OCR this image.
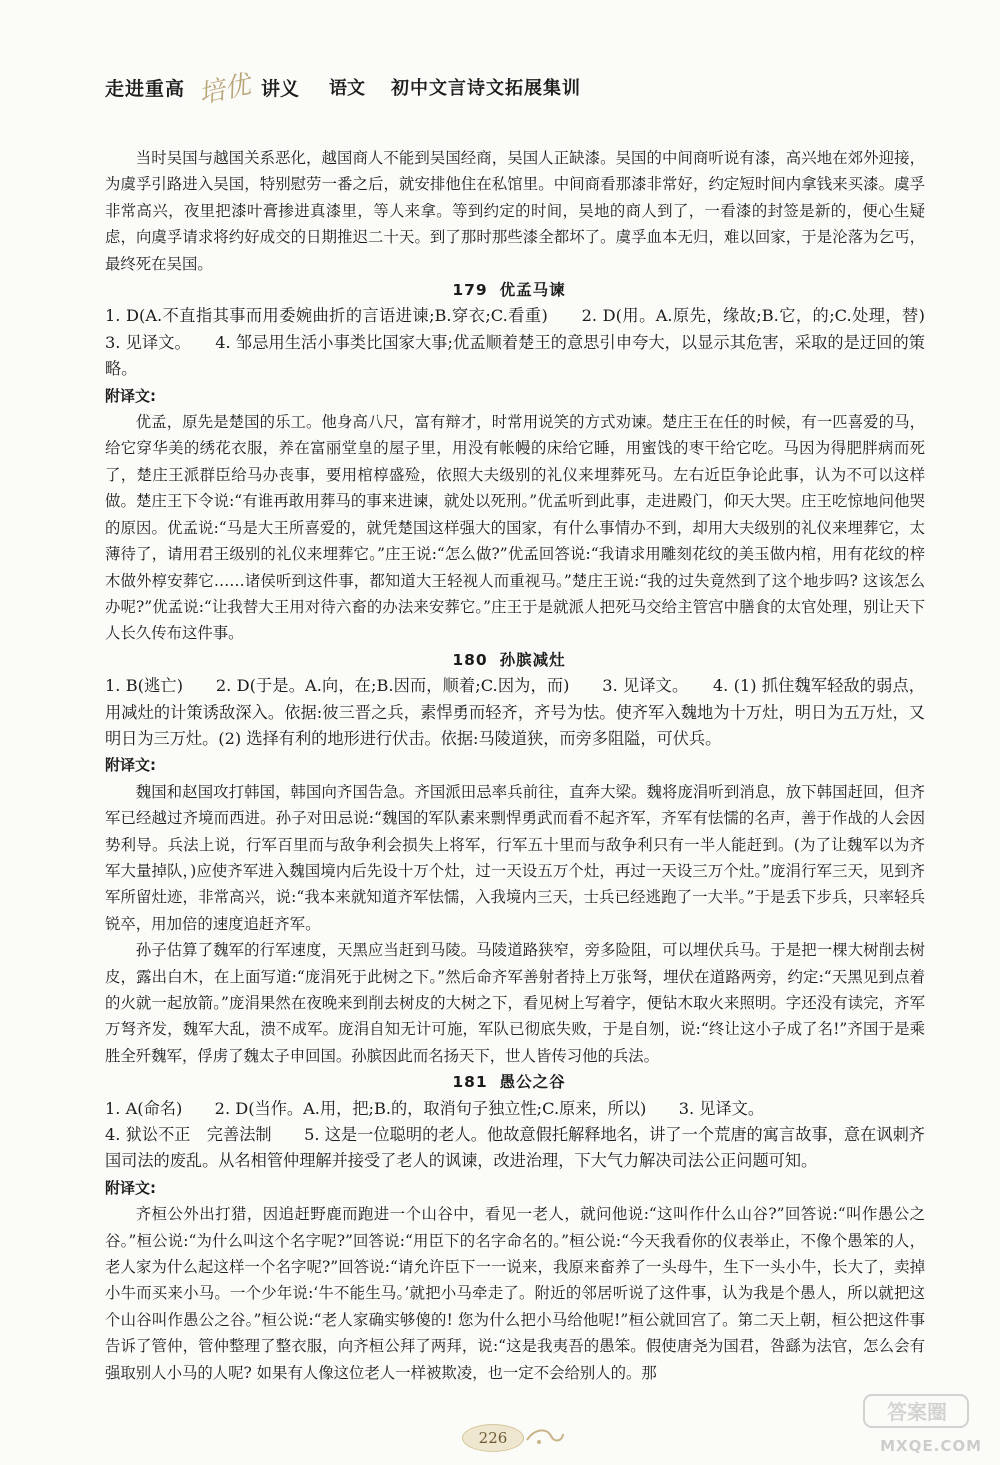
走进重高 培优 讲义 语文 初中文言诗文拓展集训

当时吴国与越国关系恶化，越国商人不能到吴国经商，吴国人正缺漆。吴国的中间商听说有漆，高兴地在郊外迎接，为虞孚引路进入吴国，特别慰劳一番之后，就安排他住在私馆里。中间商看那漆非常好，约定短时间内拿钱来买漆。虞孚非常高兴，夜里把漆叶膏掺进真漆里，等人来拿。等到约定的时间，吴地的商人到了，一看漆的封签是新的，便心生疑虑，向虞孚请求将约好成交的日期推迟二十天。到了那时那些漆全都坏了。虞孚血本无归，难以回家，于是沦落为乞丐，最终死在吴国。

179 优孟马谏

1. D(A.不直指其事而用委婉曲折的言语进谏;B.穿衣;C.看重)　　2. D(用。A.原先，缘故;B.它，的;C.处理，替)　　3. 见译文。　　4. 邹忌用生活小事类比国家大事;优孟顺着楚王的意思引申夸大，以显示其危害，采取的是迂回的策略。

附译文:

优孟，原先是楚国的乐工。他身高八尺，富有辩才，时常用说笑的方式劝谏。楚庄王在任的时候，有一匹喜爱的马，给它穿华美的绣花衣服，养在富丽堂皇的屋子里，用没有帐幔的床给它睡，用蜜饯的枣干给它吃。马因为得肥胖病而死了，楚庄王派群臣给马办丧事，要用棺椁盛殓，依照大夫级别的礼仪来埋葬死马。左右近臣争论此事，认为不可以这样做。楚庄王下令说:“有谁再敢用葬马的事来进谏，就处以死刑。”优孟听到此事，走进殿门，仰天大哭。庄王吃惊地问他哭的原因。优孟说:“马是大王所喜爱的，就凭楚国这样强大的国家，有什么事情办不到，却用大夫级别的礼仪来埋葬它，太薄待了，请用君王级别的礼仪来埋葬它。”庄王说:“怎么做?”优孟回答说:“我请求用雕刻花纹的美玉做内棺，用有花纹的梓木做外椁安葬它……诸侯听到这件事，都知道大王轻视人而重视马。”楚庄王说:“我的过失竟然到了这个地步吗? 这该怎么办呢?”优孟说:“让我替大王用对待六畜的办法来安葬它。”庄王于是就派人把死马交给主管宫中膳食的太官处理，别让天下人长久传布这件事。

180 孙膑减灶

1. B(逃亡)　　2. D(于是。A.向，在;B.因而，顺着;C.因为，而)　　3. 见译文。　　4. (1) 抓住魏军轻敌的弱点，用减灶的计策诱敌深入。依据:彼三晋之兵，素悍勇而轻齐，齐号为怯。使齐军入魏地为十万灶，明日为五万灶，又明日为三万灶。(2) 选择有利的地形进行伏击。依据:马陵道狭，而旁多阻隘，可伏兵。

附译文:

魏国和赵国攻打韩国，韩国向齐国告急。齐国派田忌率兵前往，直奔大梁。魏将庞涓听到消息，放下韩国赶回，但齐军已经越过齐境而西进。孙子对田忌说:“魏国的军队素来剽悍勇武而看不起齐军，齐军有怯懦的名声，善于作战的人会因势利导。兵法上说，行军百里而与敌争利会损失上将军，行军五十里而与敌争利只有一半人能赶到。(为了让魏军以为齐军大量掉队，)应使齐军进入魏国境内后先设十万个灶，过一天设五万个灶，再过一天设三万个灶。”庞涓行军三天，见到齐军所留灶迹，非常高兴，说:“我本来就知道齐军怯懦，入我境内三天，士兵已经逃跑了一大半。”于是丢下步兵，只率轻兵锐卒，用加倍的速度追赶齐军。

孙子估算了魏军的行军速度，天黑应当赶到马陵。马陵道路狭窄，旁多险阻，可以埋伏兵马。于是把一棵大树削去树皮，露出白木，在上面写道:“庞涓死于此树之下。”然后命齐军善射者持上万张弩，埋伏在道路两旁，约定:“天黑见到点着的火就一起放箭。”庞涓果然在夜晚来到削去树皮的大树之下，看见树上写着字，便钻木取火来照明。字还没有读完，齐军万弩齐发，魏军大乱，溃不成军。庞涓自知无计可施，军队已彻底失败，于是自刎，说:“终让这小子成了名!”齐国于是乘胜全歼魏军，俘虏了魏太子申回国。孙膑因此而名扬天下，世人皆传习他的兵法。

181 愚公之谷

1. A(命名)　　2. D(当作。A.用，把;B.的，取消句子独立性;C.原来，所以)　　3. 见译文。
4. 狱讼不正　完善法制　　5. 这是一位聪明的老人。他故意假托解释地名，讲了一个荒唐的寓言故事，意在讽刺齐国司法的废乱。从名相管仲理解并接受了老人的讽谏，改进治理，下大气力解决司法公正问题可知。

附译文:

齐桓公外出打猎，因追赶野鹿而跑进一个山谷中，看见一老人，就问他说:“这叫作什么山谷?”回答说:“叫作愚公之谷。”桓公说:“为什么叫这个名字呢?”回答说:“用臣下的名字命名的。”桓公说:“今天我看你的仪表举止，不像个愚笨的人，老人家为什么起这样一个名字呢?”回答说:“请允许臣下一一说来，我原来畜养了一头母牛，生下一头小牛，长大了，卖掉小牛而买来小马。一个少年说:‘牛不能生马。’就把小马牵走了。附近的邻居听说了这件事，认为我是个愚人，所以就把这个山谷叫作愚公之谷。”桓公说:“老人家确实够傻的! 您为什么把小马给他呢!”桓公就回宫了。第二天上朝，桓公把这件事告诉了管仲，管仲整理了整衣服，向齐桓公拜了两拜，说:“这是我夷吾的愚笨。假使唐尧为国君，咎繇为法官，怎么会有强取别人小马的人呢? 如果有人像这位老人一样被欺凌，也一定不会给别人的。那

226
答案圈
MXQE.COM
